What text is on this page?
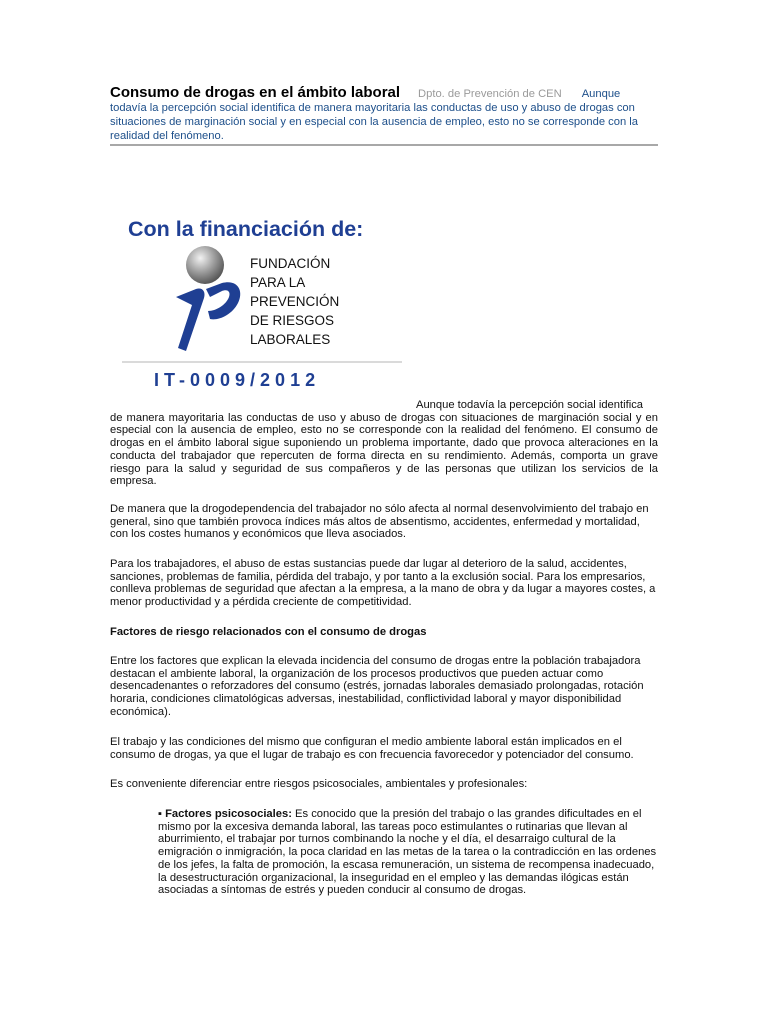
Consumo de drogas en el ámbito laboral Dpto. de Prevención de CEN Aunque todavía la percepción social identifica de manera mayoritaria las conductas de uso y abuso de drogas con situaciones de marginación social y en especial con la ausencia de empleo, esto no se corresponde con la realidad del fenómeno.
Con la financiación de:
FUNDACIÓN
PARA LA
PREVENCIÓN
DE RIESGOS
LABORALES
IT-0009/2012
Aunque todavía la percepción social identifica
de manera mayoritaria las conductas de uso y abuso de drogas con situaciones de marginación social y en especial con la ausencia de empleo, esto no se corresponde con la realidad del fenómeno. El consumo de drogas en el ámbito laboral sigue suponiendo un problema importante, dado que provoca alteraciones en la conducta del trabajador que repercuten de forma directa en su rendimiento. Además, comporta un grave riesgo para la salud y seguridad de sus compañeros y de las personas que utilizan los servicios de la empresa.

De manera que la drogodependencia del trabajador no sólo afecta al normal desenvolvimiento del trabajo en general, sino que también provoca índices más altos de absentismo, accidentes, enfermedad y mortalidad, con los costes humanos y económicos que lleva asociados.

Para los trabajadores, el abuso de estas sustancias puede dar lugar al deterioro de la salud, accidentes, sanciones, problemas de familia, pérdida del trabajo, y por tanto a la exclusión social. Para los empresarios, conlleva problemas de seguridad que afectan a la empresa, a la mano de obra y da lugar a mayores costes, a menor productividad y a pérdida creciente de competitividad.

Factores de riesgo relacionados con el consumo de drogas

Entre los factores que explican la elevada incidencia del consumo de drogas entre la población trabajadora destacan el ambiente laboral, la organización de los procesos productivos que pueden actuar como desencadenantes o reforzadores del consumo (estrés, jornadas laborales demasiado prolongadas, rotación horaria, condiciones climatológicas adversas, inestabilidad, conflictividad laboral y mayor disponibilidad económica).

El trabajo y las condiciones del mismo que configuran el medio ambiente laboral están implicados en el consumo de drogas, ya que el lugar de trabajo es con frecuencia favorecedor y potenciador del consumo.

Es conveniente diferenciar entre riesgos psicosociales, ambientales y profesionales:

▪ Factores psicosociales: Es conocido que la presión del trabajo o las grandes dificultades en el mismo por la excesiva demanda laboral, las tareas poco estimulantes o rutinarias que llevan al aburrimiento, el trabajar por turnos combinando la noche y el día, el desarraigo cultural de la emigración o inmigración, la poca claridad en las metas de la tarea o la contradicción en las ordenes de los jefes, la falta de promoción, la escasa remuneración, un sistema de recompensa inadecuado, la desestructuración organizacional, la inseguridad en el empleo y las demandas ilógicas están asociadas a síntomas de estrés y pueden conducir al consumo de drogas.
